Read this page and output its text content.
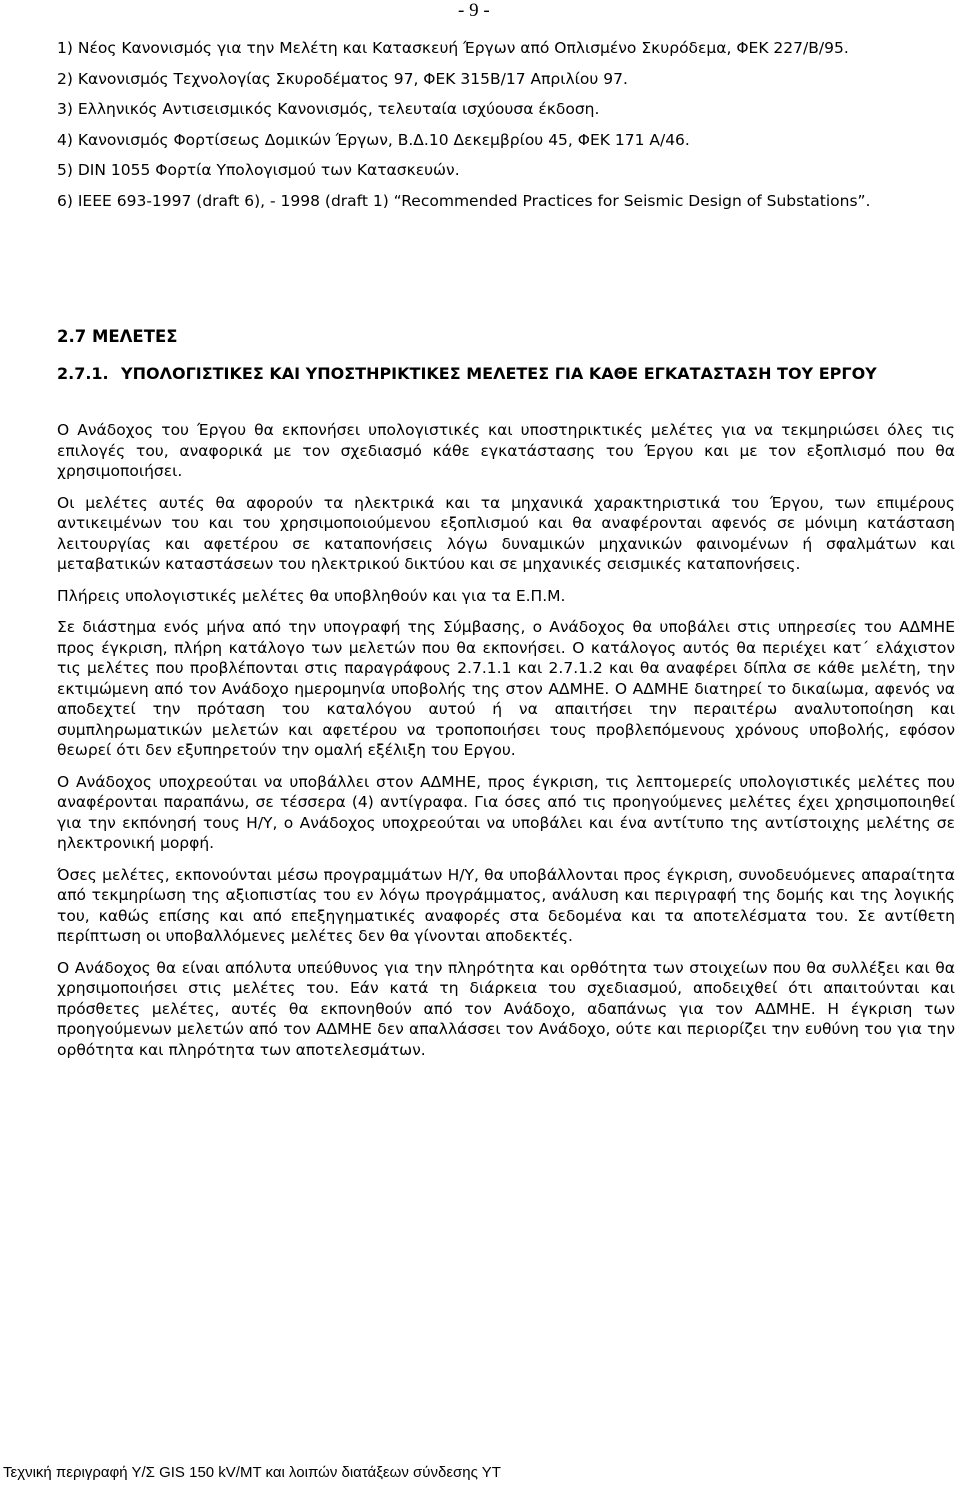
- 9 -
1) Νέος Κανονισμός για την Μελέτη και Κατασκευή Έργων από Οπλισμένο Σκυρόδεμα, ΦΕΚ 227/Β/95.
2) Κανονισμός Τεχνολογίας Σκυροδέματος 97, ΦΕΚ 315Β/17 Απριλίου 97.
3) Ελληνικός Αντισεισμικός Κανονισμός, τελευταία ισχύουσα έκδοση.
4) Κανονισμός Φορτίσεως Δομικών Έργων, Β.Δ.10 Δεκεμβρίου 45, ΦΕΚ 171 Α/46.
5) DIN 1055 Φορτία Υπολογισμού των Κατασκευών.
6) IEEE 693-1997 (draft 6), - 1998 (draft 1) “Recommended Practices for Seismic Design of Substations”.
2.7 ΜΕΛΕΤΕΣ
2.7.1. ΥΠΟΛΟΓΙΣΤΙΚΕΣ ΚΑΙ ΥΠΟΣΤΗΡΙΚΤΙΚΕΣ ΜΕΛΕΤΕΣ ΓΙΑ ΚΑΘΕ ΕΓΚΑΤΑΣΤΑΣΗ ΤΟΥ ΕΡΓΟΥ

Ο Ανάδοχος του Έργου θα εκπονήσει υπολογιστικές και υποστηρικτικές μελέτες για να τεκμηριώσει όλες τις επιλογές του, αναφορικά με τον σχεδιασμό κάθε εγκατάστασης του Έργου και με τον εξοπλισμό που θα χρησιμοποιήσει.

Οι μελέτες αυτές θα αφορούν τα ηλεκτρικά και τα μηχανικά χαρακτηριστικά του Έργου, των επιμέρους αντικειμένων του και του χρησιμοποιούμενου εξοπλισμού και θα αναφέρονται αφενός σε μόνιμη κατάσταση λειτουργίας και αφετέρου σε καταπονήσεις λόγω δυναμικών μηχανικών φαινομένων ή σφαλμάτων και μεταβατικών καταστάσεων του ηλεκτρικού δικτύου και σε μηχανικές σεισμικές καταπονήσεις.

Πλήρεις υπολογιστικές μελέτες θα υποβληθούν και για τα Ε.Π.Μ.

Σε διάστημα ενός μήνα από την υπογραφή της Σύμβασης, ο Ανάδοχος θα υποβάλει στις υπηρεσίες του ΑΔΜΗΕ προς έγκριση, πλήρη κατάλογο των μελετών που θα εκπονήσει. Ο κατάλογος αυτός θα περιέχει κατ΄ ελάχιστον τις μελέτες που προβλέπονται στις παραγράφους 2.7.1.1 και 2.7.1.2 και θα αναφέρει δίπλα σε κάθε μελέτη, την εκτιμώμενη από τον Ανάδοχο ημερομηνία υποβολής της στον ΑΔΜΗΕ. Ο ΑΔΜΗΕ διατηρεί το δικαίωμα, αφενός να αποδεχτεί την πρόταση του καταλόγου αυτού ή να απαιτήσει την περαιτέρω αναλυτοποίηση και συμπληρωματικών μελετών και αφετέρου να τροποποιήσει τους προβλεπόμενους χρόνους υποβολής, εφόσον θεωρεί ότι δεν εξυπηρετούν την ομαλή εξέλιξη του Εργου.

Ο Ανάδοχος υποχρεούται να υποβάλλει στον ΑΔΜΗΕ, προς έγκριση, τις λεπτομερείς υπολογιστικές μελέτες που αναφέρονται παραπάνω, σε τέσσερα (4) αντίγραφα. Για όσες από τις προηγούμενες μελέτες έχει χρησιμοποιηθεί για την εκπόνησή τους Η/Υ, ο Ανάδοχος υποχρεούται να υποβάλει και ένα αντίτυπο της αντίστοιχης μελέτης σε ηλεκτρονική μορφή.

Όσες μελέτες, εκπονούνται μέσω προγραμμάτων Η/Υ, θα υποβάλλονται προς έγκριση, συνοδευόμενες απαραίτητα από τεκμηρίωση της αξιοπιστίας του εν λόγω προγράμματος, ανάλυση και περιγραφή της δομής και της λογικής του, καθώς επίσης και από επεξηγηματικές αναφορές στα δεδομένα και τα αποτελέσματα του. Σε αντίθετη περίπτωση οι υποβαλλόμενες μελέτες δεν θα γίνονται αποδεκτές.

Ο Ανάδοχος θα είναι απόλυτα υπεύθυνος για την πληρότητα και ορθότητα των στοιχείων που θα συλλέξει και θα χρησιμοποιήσει στις μελέτες του. Εάν κατά τη διάρκεια του σχεδιασμού, αποδειχθεί ότι απαιτούνται και πρόσθετες μελέτες, αυτές θα εκπονηθούν από τον Ανάδοχο, αδαπάνως για τον ΑΔΜΗΕ. Η έγκριση των προηγούμενων μελετών από τον ΑΔΜΗΕ δεν απαλλάσσει τον Ανάδοχο, ούτε και περιορίζει την ευθύνη του για την ορθότητα και πληρότητα των αποτελεσμάτων.

Τεχνική περιγραφή Υ/Σ GIS 150 kV/MT και λοιπών διατάξεων σύνδεσης ΥΤ
